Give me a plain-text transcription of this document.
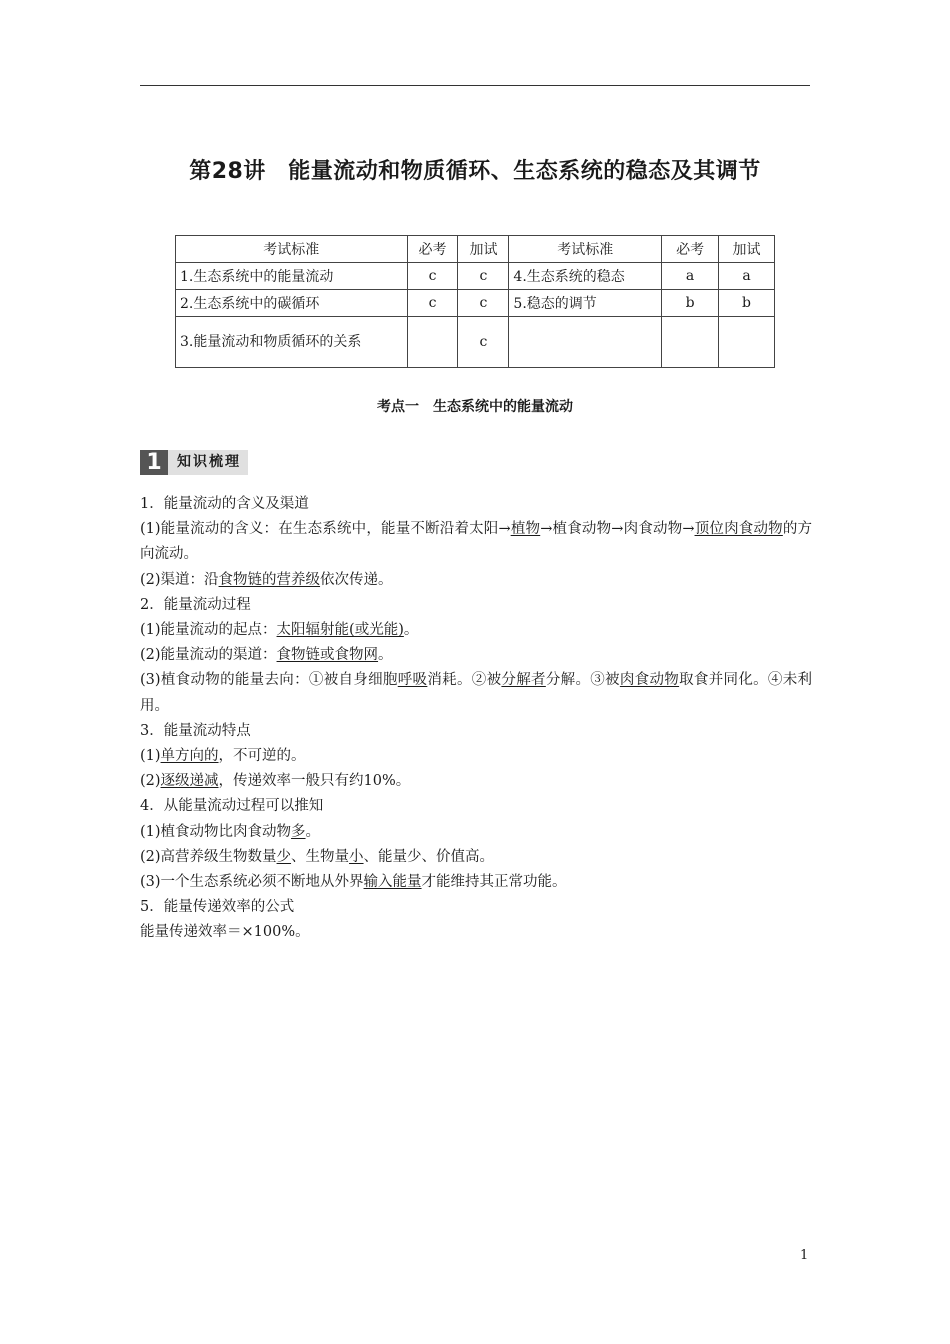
第28讲　能量流动和物质循环、生态系统的稳态及其调节
考试标准	必考	加试	考试标准	必考	加试
1.生态系统中的能量流动	c	c	4.生态系统的稳态	a	a
2.生态系统中的碳循环	c	c	5.稳态的调节	b	b
3.能量流动和物质循环的关系		c			
考点一　生态系统中的能量流动
1	知识梳理

1．能量流动的含义及渠道

(1)能量流动的含义：在生态系统中，能量不断沿着太阳→植物→植食动物→肉食动物→顶位肉食动物的方向流动。

(2)渠道：沿食物链的营养级依次传递。

2．能量流动过程

(1)能量流动的起点：太阳辐射能(或光能)。

(2)能量流动的渠道：食物链或食物网。

(3)植食动物的能量去向：①被自身细胞呼吸消耗。②被分解者分解。③被肉食动物取食并同化。④未利用。

3．能量流动特点

(1)单方向的，不可逆的。

(2)逐级递减，传递效率一般只有约10%。

4．从能量流动过程可以推知

(1)植食动物比肉食动物多。

(2)高营养级生物数量少、生物量小、能量少、价值高。

(3)一个生态系统必须不断地从外界输入能量才能维持其正常功能。

5．能量传递效率的公式

能量传递效率＝×100%。

1
